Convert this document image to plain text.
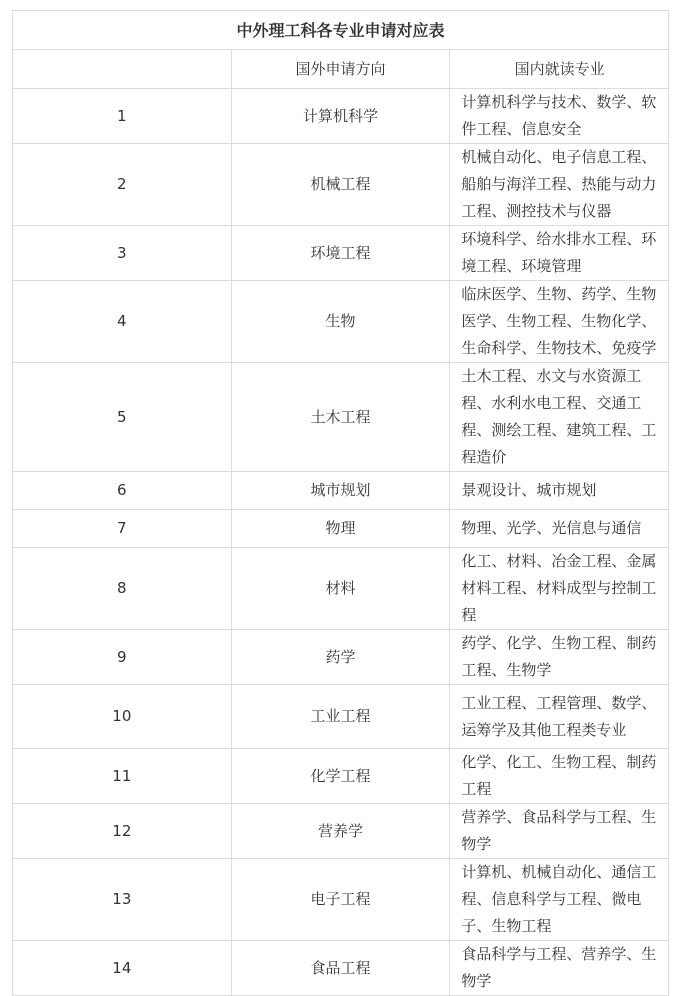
中外理工科各专业申请对应表		
	国外申请方向	国内就读专业
1	计算机科学	计算机科学与技术、数学、软件工程、信息安全
2	机械工程	机械自动化、电子信息工程、船舶与海洋工程、热能与动力工程、测控技术与仪器
3	环境工程	环境科学、给水排水工程、环境工程、环境管理
4	生物	临床医学、生物、药学、生物医学、生物工程、生物化学、生命科学、生物技术、免疫学
5	土木工程	土木工程、水文与水资源工程、水利水电工程、交通工程、测绘工程、建筑工程、工程造价
6	城市规划	景观设计、城市规划
7	物理	物理、光学、光信息与通信
8	材料	化工、材料、冶金工程、金属材料工程、材料成型与控制工程
9	药学	药学、化学、生物工程、制药工程、生物学
10	工业工程	工业工程、工程管理、数学、运筹学及其他工程类专业
11	化学工程	化学、化工、生物工程、制药工程
12	营养学	营养学、食品科学与工程、生物学
13	电子工程	计算机、机械自动化、通信工程、信息科学与工程、微电子、生物工程
14	食品工程	食品科学与工程、营养学、生物学
